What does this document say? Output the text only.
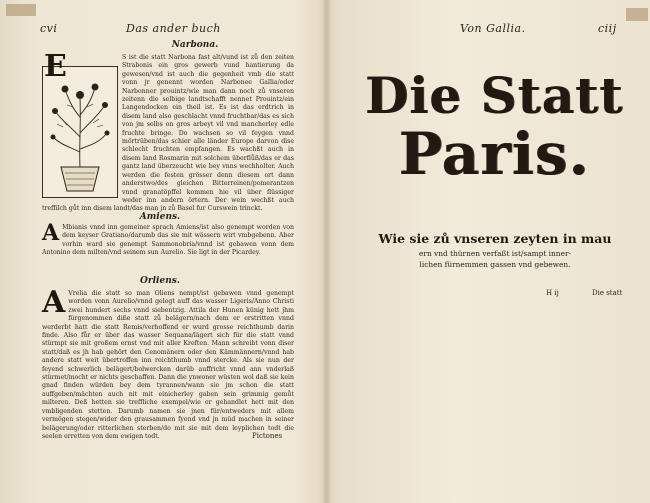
cvi	Das ander buch
Narbona.
E	S ist die statt Narbona fast alt/vund ist zů den zeiten Strabonis ein gros gewerb vund hantierung da gewesen/vnd ist auch die gegenheit vmb die statt vonn jr genennt worden Narbonee Gallia/oder Narbonner prouintz/wie man dann noch zů vnseren zeitenn die selbige landtschafft nennet Prouintz/ein Langendocken ein theil ist. Es ist das erdtrich in disem land also geschlacht vnnd fruchtbar/das es sich von jm selbs on gros arbeyt vil vnd mancherley edle fruchte bringe. Do wachsen so vil feygen vnnd mörtrüben/das schier alle länder Europe darvon dise schlecht fruchten empfangen. Es wachßt auch in disem land Rosmarin mit solchem überflůß/das er das gantz land überzeucht wie bey vnns wechholter. Auch werden die festen grösser denn diesem ort dann anderstwo/des gleichen Bitterreinen/pomerantzen vnnd granatöpffel kommen hie vil über flüssiger weder inn andern örtern. Der wein wechßt auch treffilch gůt inn disem landt/das man jn zů Basel fur Curswein trinckt.
Amiens.
A Mbianis vnnd inn gemeiner sprach Amiens/ist also genempt worden von dem keyser Gratiano/darumb das sie mit wässern wirt vmbgebenn. Aber vorhin ward sie genempt Sammonobria/vnnd ist gebawen vonn dem Antonino dem milten/vnd seinem sun Aurelio. Sie ligt in der Picardey.
Orliens.
A Vrelia die statt so man Oliens nempt/ist gebawen vnnd genempt worden vonn Aurelio/vnnd gelegt auff das wasser Ligeris/Anno Christi zwei hundert sechs vnnd siebentzig. Attila der Hunen künig hett jhm fürgenommen diße statt zů belägern/nach dem er erstritten vnnd werderbt hatt die statt Remis/verhoffend er wurd grosse reichthumb darin finde. Also fůr er über das wasser Sequana/lägert sich für die statt vnnd stürmpt sie mit großem ernst vnd mit aller Kreften. Mann schreibt vonn diser statt/daß es jh hab gehört den Cenomänern oder den Kämmännern/vnnd hab andere statt weit übertroffen inn reichthumb vnnd stercke. Als sie nun der feyend schwerlich belägert/bolwercken darüb auffricht vnnd ann vnderlaß stürmet/mocht er nichts geschaffen. Dann die ynwoner wüsten wol daß sie kein gnad finden würden bey dem tyrannen/wann sie jm schon die statt auffgeben/mächten auch nit mit einicherley gaben sein grimmig gemůt milteren. Deß hetten sie treffliche exempel/wie er gehandlet hett mit den vmbligenden stetten. Darumb namen sie jnen für/entweders mit allem vermögen stegen/wider den grausammen fyend vnd jn müd machen in seiner belägerung/oder ritterlichen sterben/do mit sie mit dem leyplichen todt die seelen erretten von dem ewigen todt.	Pictones
Von Gallia.	ciij
Die Statt
Paris.
Wie sie zů vnseren zeyten in mau
ern vnd thürnen verfaßt ist/sampt inner-
lichen fürnemmen gassen vnd gebewen.
H ij	Die statt
